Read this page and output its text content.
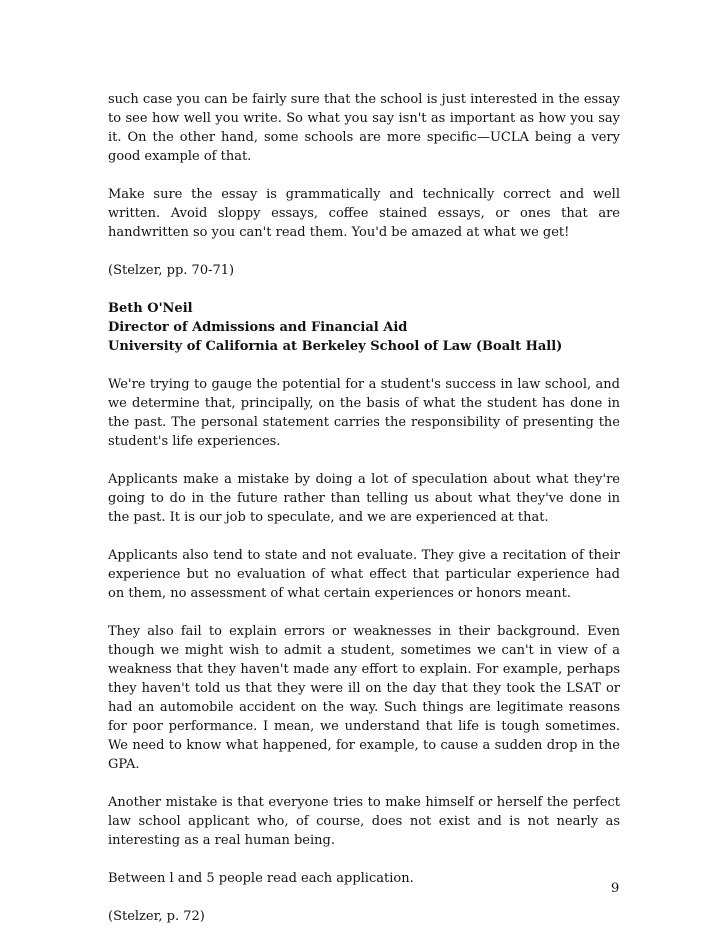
such case you can be fairly sure that the school is just interested in the essay to see how well you write. So what you say isn't as important as how you say it. On the other hand, some schools are more specific—UCLA being a very good example of that.

Make sure the essay is grammatically and technically correct and well written. Avoid sloppy essays, coffee stained essays, or ones that are handwritten so you can't read them. You'd be amazed at what we get!

(Stelzer, pp. 70-71)

Beth O'Neil
Director of Admissions and Financial Aid
University of California at Berkeley School of Law (Boalt Hall)

We're trying to gauge the potential for a student's success in law school, and we determine that, principally, on the basis of what the student has done in the past. The personal statement carries the responsibility of presenting the student's life experiences.

Applicants make a mistake by doing a lot of speculation about what they're going to do in the future rather than telling us about what they've done in the past. It is our job to speculate, and we are experienced at that.

Applicants also tend to state and not evaluate. They give a recitation of their experience but no evaluation of what effect that particular experience had on them, no assessment of what certain experiences or honors meant.

They also fail to explain errors or weaknesses in their background. Even though we might wish to admit a student, sometimes we can't in view of a weakness that they haven't made any effort to explain. For example, perhaps they haven't told us that they were ill on the day that they took the LSAT or had an automobile accident on the way. Such things are legitimate reasons for poor performance. I mean, we understand that life is tough sometimes. We need to know what happened, for example, to cause a sudden drop in the GPA.

Another mistake is that everyone tries to make himself or herself the perfect law school applicant who, of course, does not exist and is not nearly as interesting as a real human being.

Between l and 5 people read each application.

(Stelzer, p. 72)

9
